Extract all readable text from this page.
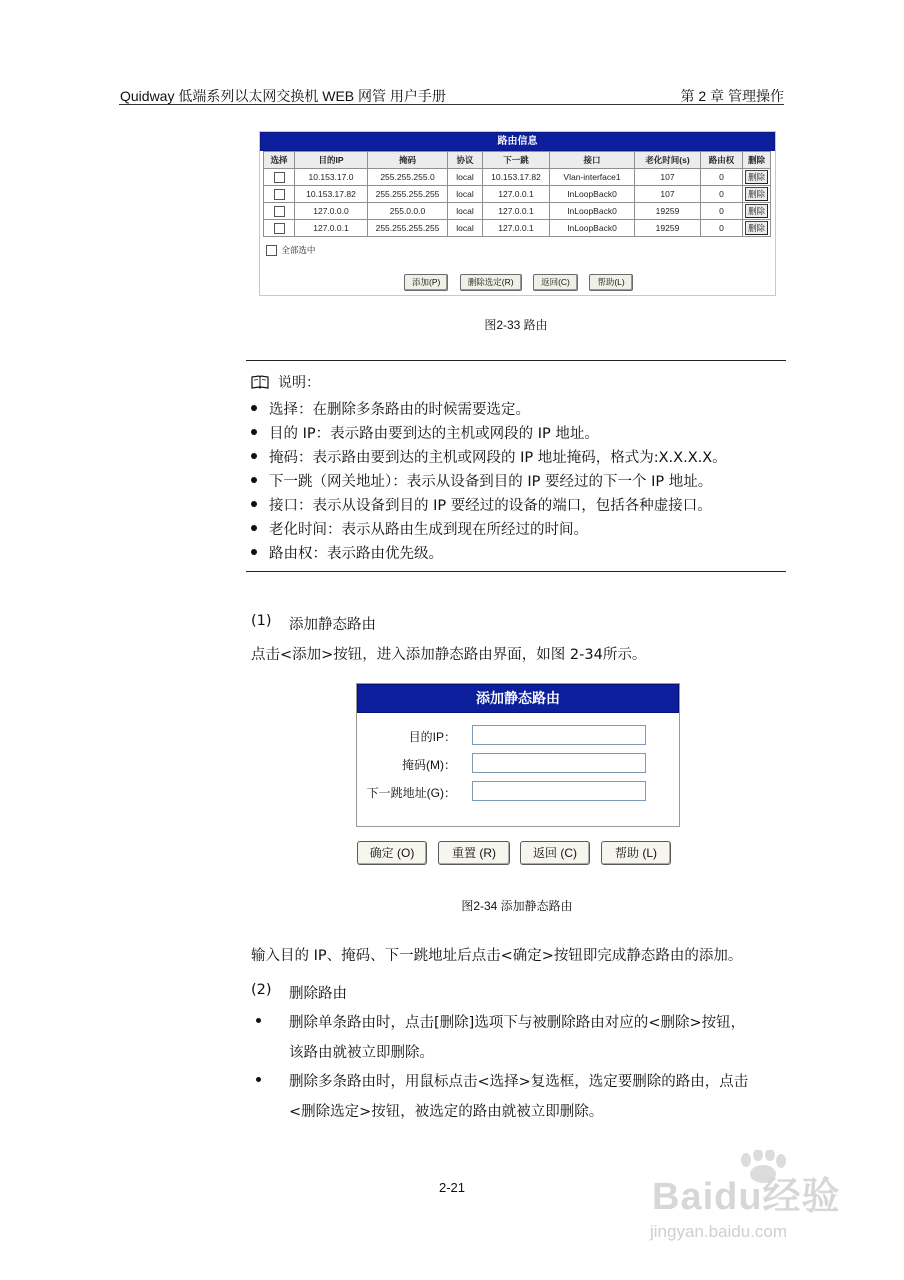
Quidway 低端系列以太网交换机 WEB 网管 用户手册	第 2 章 管理操作
路由信息
选择	目的IP	掩码	协议	下一跳	接口	老化时间(s)	路由权	删除
	10.153.17.0	255.255.255.0	local	10.153.17.82	Vlan-interface1	107	0	删除
	10.153.17.82	255.255.255.255	local	127.0.0.1	InLoopBack0	107	0	删除
	127.0.0.0	255.0.0.0	local	127.0.0.1	InLoopBack0	19259	0	删除
	127.0.0.1	255.255.255.255	local	127.0.0.1	InLoopBack0	19259	0	删除
全部选中
添加(P)	删除选定(R)	返回(C)	帮助(L)
图2-33 路由
说明：
选择：在删除多条路由的时候需要选定。
目的 IP：表示路由要到达的主机或网段的 IP 地址。
掩码：表示路由要到达的主机或网段的 IP 地址掩码，格式为:X.X.X.X。
下一跳（网关地址）：表示从设备到目的 IP 要经过的下一个 IP 地址。
接口：表示从设备到目的 IP 要经过的设备的端口，包括各种虚接口。
老化时间：表示从路由生成到现在所经过的时间。
路由权：表示路由优先级。
(1) 添加静态路由
点击<添加>按钮，进入添加静态路由界面，如图 2-34所示。
添加静态路由
目的IP：
掩码(M)：
下一跳地址(G)：
确定 (O)	重置 (R)	返回 (C)	帮助 (L)
图2-34 添加静态路由
输入目的 IP、掩码、下一跳地址后点击<确定>按钮即完成静态路由的添加。
(2) 删除路由
删除单条路由时，点击[删除]选项下与被删除路由对应的<删除>按钮，
该路由就被立即删除。
删除多条路由时，用鼠标点击<选择>复选框，选定要删除的路由，点击
<删除选定>按钮，被选定的路由就被立即删除。
2-21	Baidu经验
jingyan.baidu.com
